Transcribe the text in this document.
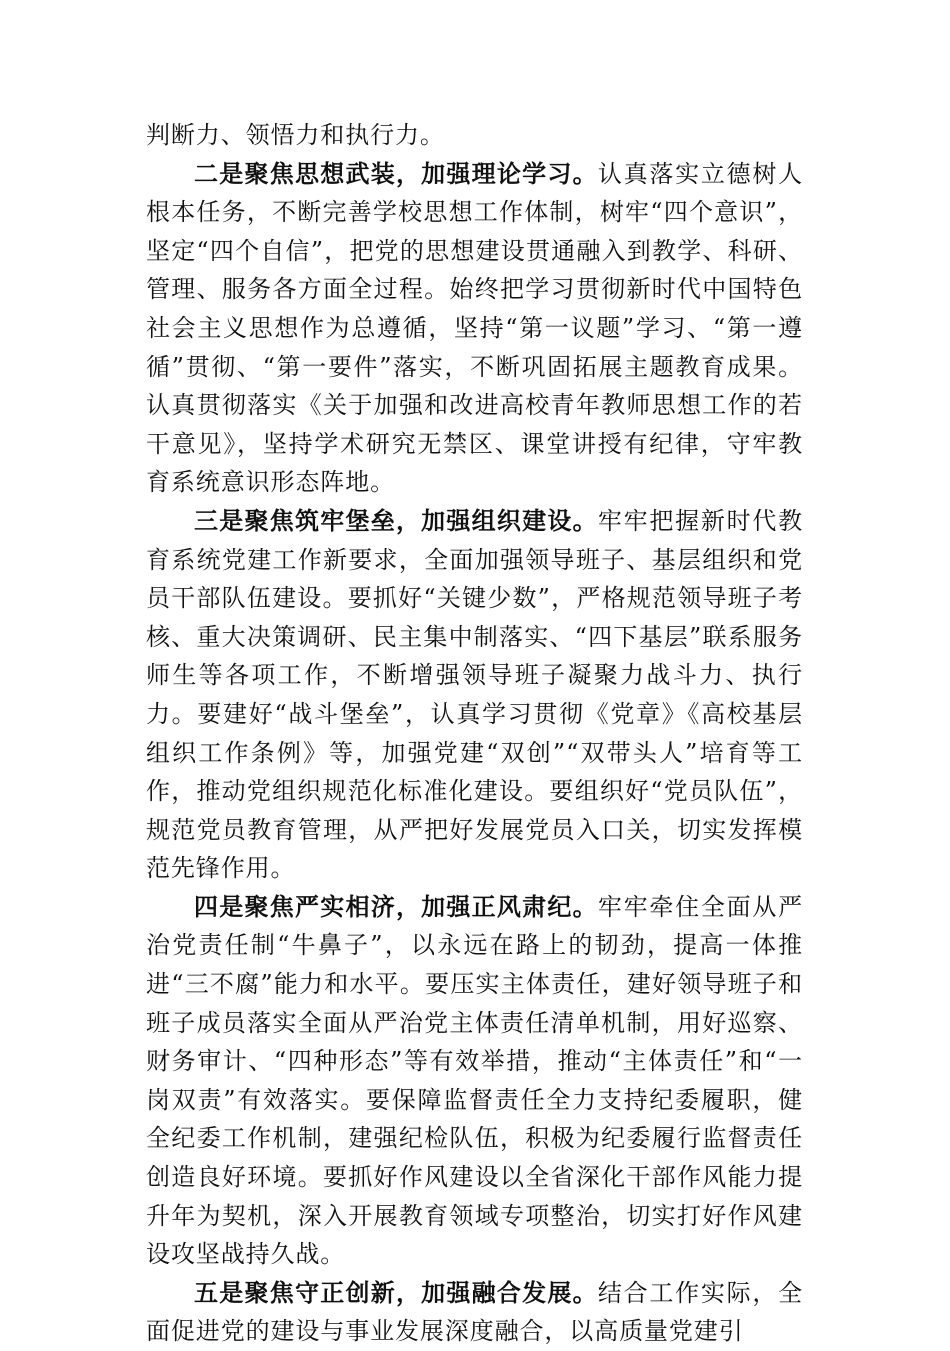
判断力、领悟力和执行力。

二是聚焦思想武装，加强理论学习。认真落实立德树人根本任务，不断完善学校思想工作体制，树牢“四个意识”，坚定“四个自信”，把党的思想建设贯通融入到教学、科研、管理、服务各方面全过程。始终把学习贯彻新时代中国特色社会主义思想作为总遵循，坚持“第一议题”学习、“第一遵循”贯彻、“第一要件”落实，不断巩固拓展主题教育成果。认真贯彻落实《关于加强和改进高校青年教师思想工作的若干意见》，坚持学术研究无禁区、课堂讲授有纪律，守牢教育系统意识形态阵地。

三是聚焦筑牢堡垒，加强组织建设。牢牢把握新时代教育系统党建工作新要求，全面加强领导班子、基层组织和党员干部队伍建设。要抓好“关键少数”，严格规范领导班子考核、重大决策调研、民主集中制落实、“四下基层”联系服务师生等各项工作，不断增强领导班子凝聚力战斗力、执行力。要建好“战斗堡垒”，认真学习贯彻《党章》《高校基层组织工作条例》等，加强党建“双创”“双带头人”培育等工作，推动党组织规范化标准化建设。要组织好“党员队伍”，规范党员教育管理，从严把好发展党员入口关，切实发挥模范先锋作用。

四是聚焦严实相济，加强正风肃纪。牢牢牵住全面从严治党责任制“牛鼻子”，以永远在路上的韧劲，提高一体推进“三不腐”能力和水平。要压实主体责任，建好领导班子和班子成员落实全面从严治党主体责任清单机制，用好巡察、财务审计、“四种形态”等有效举措，推动“主体责任”和“一岗双责”有效落实。要保障监督责任全力支持纪委履职，健全纪委工作机制，建强纪检队伍，积极为纪委履行监督责任创造良好环境。要抓好作风建设以全省深化干部作风能力提升年为契机，深入开展教育领域专项整治，切实打好作风建设攻坚战持久战。

五是聚焦守正创新，加强融合发展。结合工作实际，全面促进党的建设与事业发展深度融合，以高质量党建引
